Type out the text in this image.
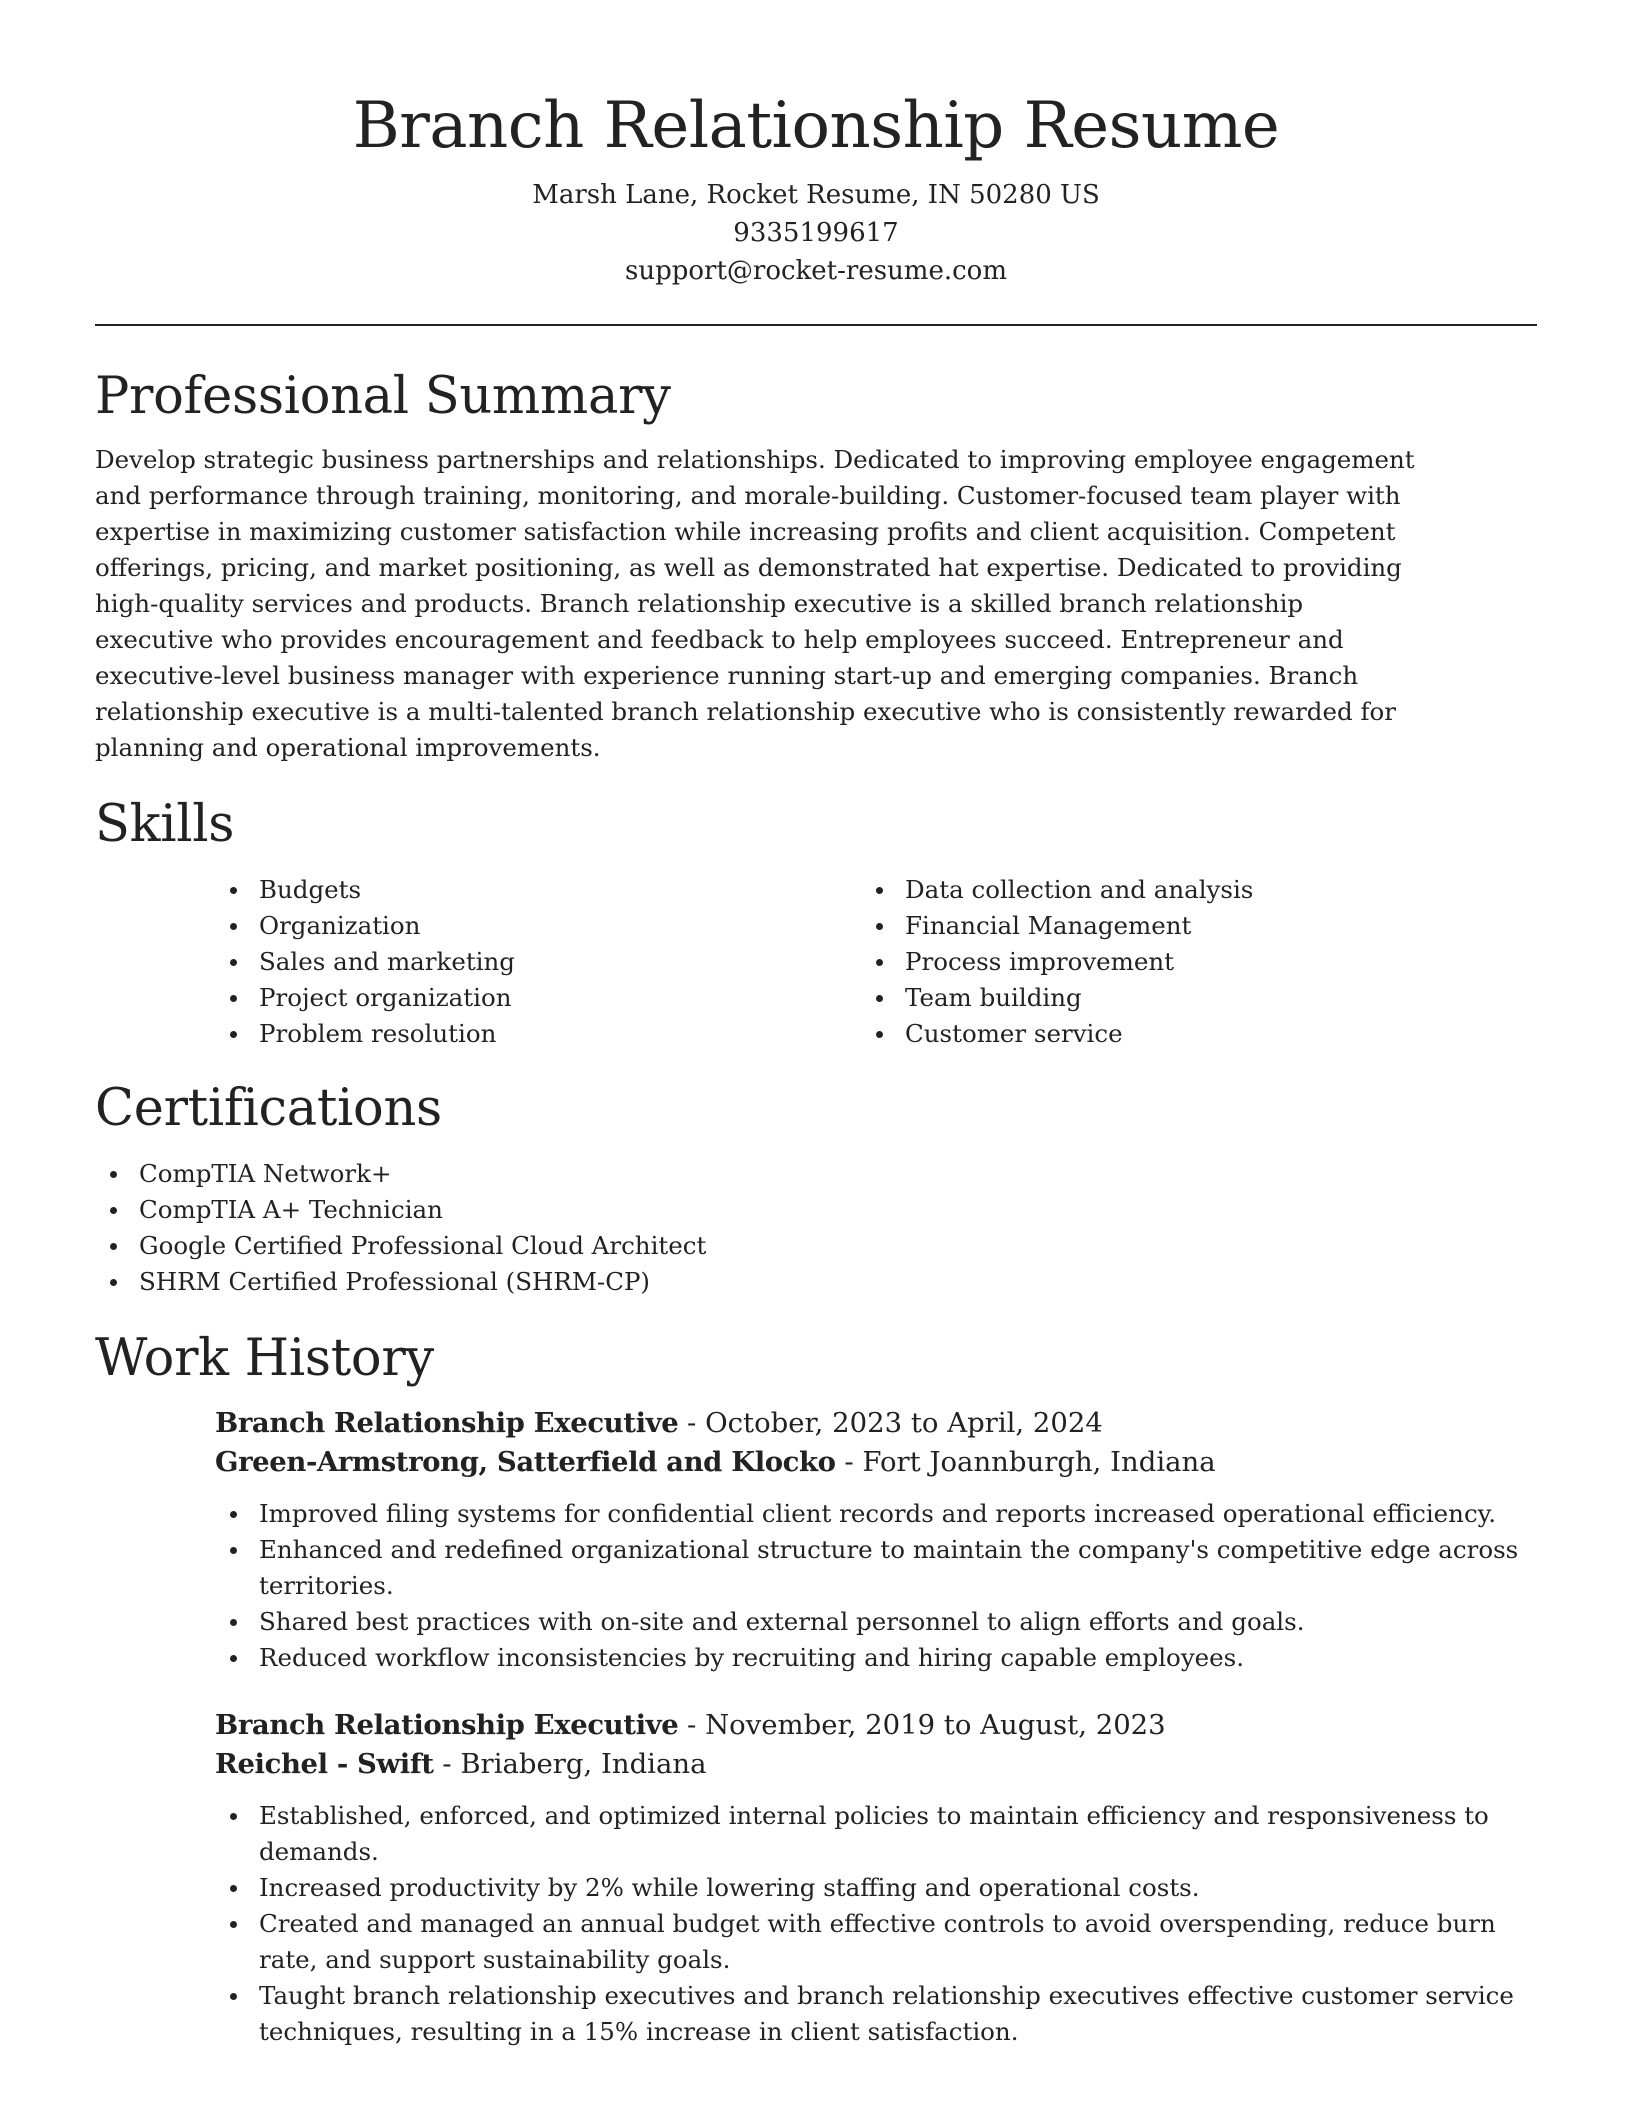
Branch Relationship Resume
Marsh Lane, Rocket Resume, IN 50280 US
9335199617
support@rocket-resume.com
Professional Summary

Develop strategic business partnerships and relationships. Dedicated to improving employee engagement and performance through training, monitoring, and morale-building. Customer-focused team player with expertise in maximizing customer satisfaction while increasing profits and client acquisition. Competent offerings, pricing, and market positioning, as well as demonstrated hat expertise. Dedicated to providing high-quality services and products. Branch relationship executive is a skilled branch relationship executive who provides encouragement and feedback to help employees succeed. Entrepreneur and executive-level business manager with experience running start-up and emerging companies. Branch relationship executive is a multi-talented branch relationship executive who is consistently rewarded for planning and operational improvements.

Skills
Budgets
Organization
Sales and marketing
Project organization
Problem resolution
Data collection and analysis
Financial Management
Process improvement
Team building
Customer service
Certifications
CompTIA Network+
CompTIA A+ Technician
Google Certified Professional Cloud Architect
SHRM Certified Professional (SHRM-CP)
Work History
Branch Relationship Executive - October, 2023 to April, 2024
Green-Armstrong, Satterfield and Klocko - Fort Joannburgh, Indiana
Improved filing systems for confidential client records and reports increased operational efficiency.
Enhanced and redefined organizational structure to maintain the company's competitive edge across territories.
Shared best practices with on-site and external personnel to align efforts and goals.
Reduced workflow inconsistencies by recruiting and hiring capable employees.
Branch Relationship Executive - November, 2019 to August, 2023
Reichel - Swift - Briaberg, Indiana
Established, enforced, and optimized internal policies to maintain efficiency and responsiveness to demands.
Increased productivity by 2% while lowering staffing and operational costs.
Created and managed an annual budget with effective controls to avoid overspending, reduce burn rate, and support sustainability goals.
Taught branch relationship executives and branch relationship executives effective customer service techniques, resulting in a 15% increase in client satisfaction.
